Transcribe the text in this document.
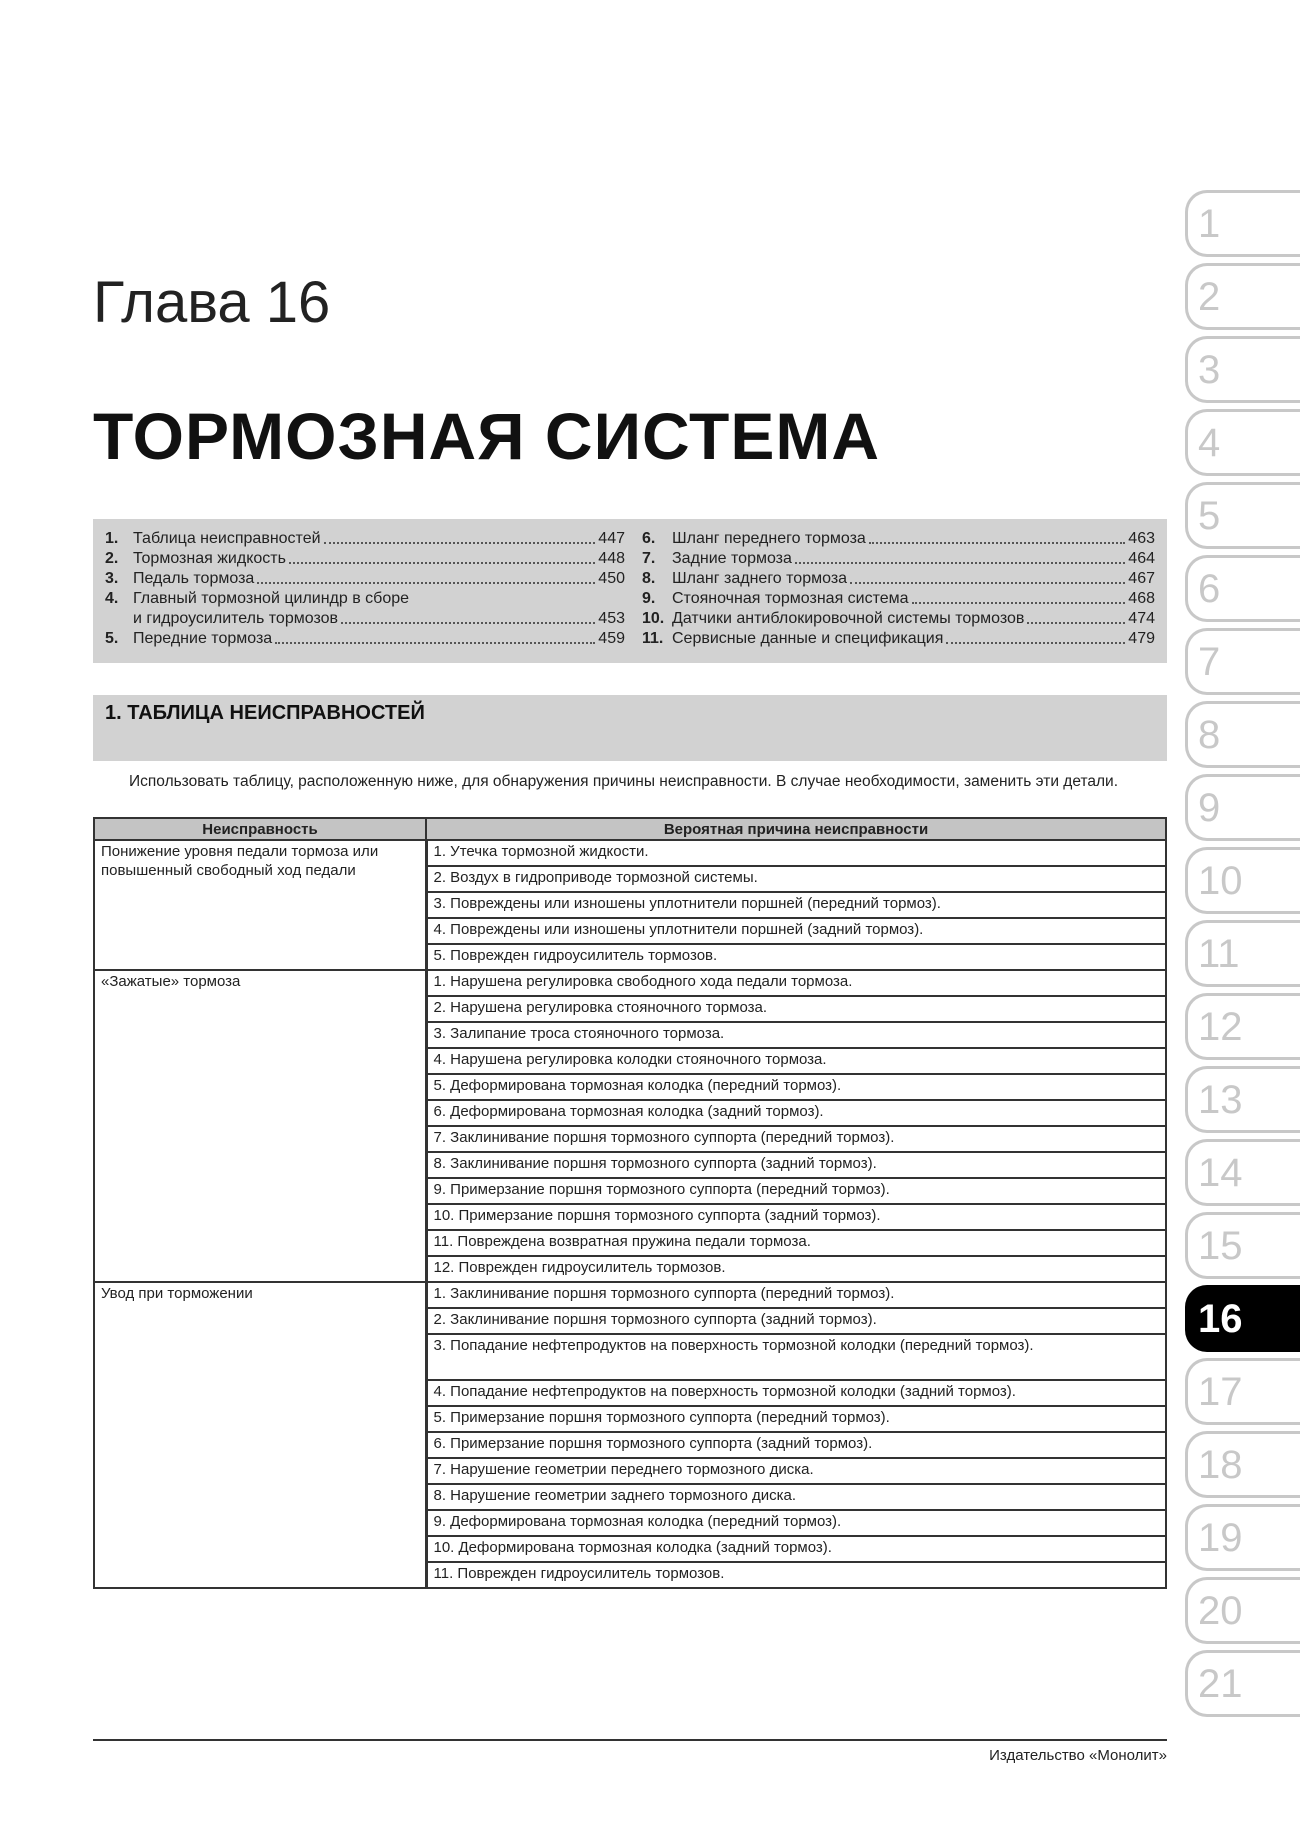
Глава 16
ТОРМОЗНАЯ СИСТЕМА
1. Таблица неисправностей	447
2. Тормозная жидкость	448
3. Педаль тормоза	450
4. Главный тормозной цилиндр в сборе
и гидроусилитель тормозов	453
5. Передние тормоза	459
6.	Шланг переднего тормоза	463
7.	Задние тормоза	464
8.	Шланг заднего тормоза	467
9.	Стояночная тормозная система	468
10. Датчики антиблокировочной системы тормозов	474
11. Сервисные данные и спецификация	479
1. ТАБЛИЦА НЕИСПРАВНОСТЕЙ
Использовать таблицу, расположенную ниже, для обнаружения причины неисправности. В случае необходимости, заменить эти детали.
Неисправность	Вероятная причина неисправности
Понижение уровня педали тормоза или повышенный свободный ход педали	1. Утечка тормозной жидкости.
	2. Воздух в гидроприводе тормозной системы.
	3. Повреждены или изношены уплотнители поршней (передний тормоз).
	4. Повреждены или изношены уплотнители поршней (задний тормоз).
	5. Поврежден гидроусилитель тормозов.
«Зажатые» тормоза	1. Нарушена регулировка свободного хода педали тормоза.
	2. Нарушена регулировка стояночного тормоза.
	3. Залипание троса стояночного тормоза.
	4. Нарушена регулировка колодки стояночного тормоза.
	5. Деформирована тормозная колодка (передний тормоз).
	6. Деформирована тормозная колодка (задний тормоз).
	7. Заклинивание поршня тормозного суппорта (передний тормоз).
	8. Заклинивание поршня тормозного суппорта (задний тормоз).
	9. Примерзание поршня тормозного суппорта (передний тормоз).
	10. Примерзание поршня тормозного суппорта (задний тормоз).
	11. Повреждена возвратная пружина педали тормоза.
	12. Поврежден гидроусилитель тормозов.
Увод при торможении	1. Заклинивание поршня тормозного суппорта (передний тормоз).
	2. Заклинивание поршня тормозного суппорта (задний тормоз).
	3. Попадание нефтепродуктов на поверхность тормозной колодки (передний тормоз).
	4. Попадание нефтепродуктов на поверхность тормозной колодки (задний тормоз).
	5. Примерзание поршня тормозного суппорта (передний тормоз).
	6. Примерзание поршня тормозного суппорта (задний тормоз).
	7. Нарушение геометрии переднего тормозного диска.
	8. Нарушение геометрии заднего тормозного диска.
	9. Деформирована тормозная колодка (передний тормоз).
	10. Деформирована тормозная колодка (задний тормоз).
	11. Поврежден гидроусилитель тормозов.
Издательство «Монолит»
1
2
3
4
5
6
7
8
9
10
11
12
13
14
15
16
17
18
19
20
21
